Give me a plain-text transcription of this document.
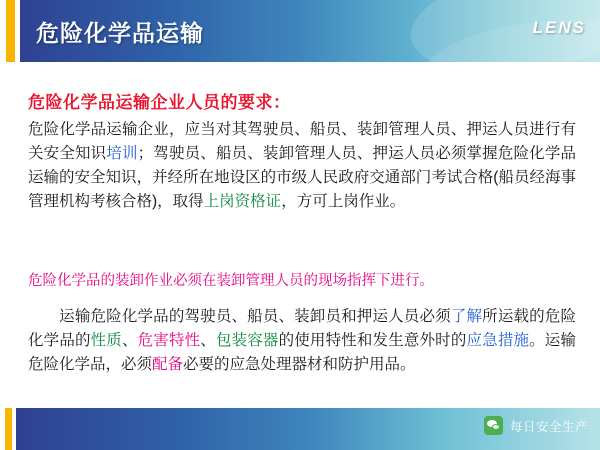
危险化学品运输	LENS
危险化学品运输企业人员的要求：
危险化学品运输企业，应当对其驾驶员、船员、装卸管理人员、押运人员进行有关安全知识培训；驾驶员、船员、装卸管理人员、押运人员必须掌握危险化学品运输的安全知识，并经所在地设区的市级人民政府交通部门考试合格(船员经海事管理机构考核合格)，取得上岗资格证，方可上岗作业。
危险化学品的装卸作业必须在装卸管理人员的现场指挥下进行。
运输危险化学品的驾驶员、船员、装卸员和押运人员必须了解所运载的危险化学品的性质、危害特性、包装容器的使用特性和发生意外时的应急措施。运输危险化学品，必须配备必要的应急处理器材和防护用品。
每日安全生产
